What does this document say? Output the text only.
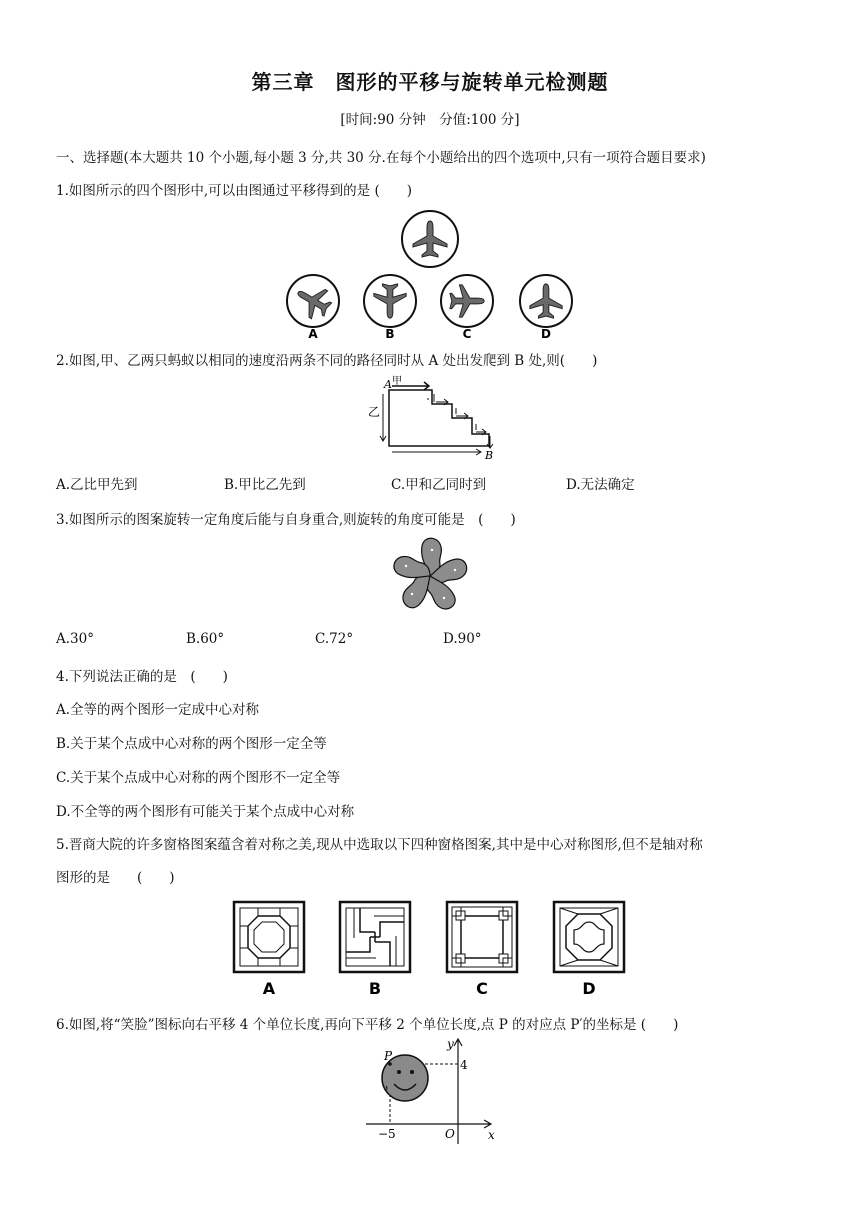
第三章　图形的平移与旋转单元检测题
[时间:90 分钟　分值:100 分]
一、选择题(本大题共 10 个小题,每小题 3 分,共 30 分.在每个小题给出的四个选项中,只有一项符合题目要求)
1.如图所示的四个图形中,可以由图通过平移得到的是 (　　)
A	B	C	D
2.如图,甲、乙两只蚂蚁以相同的速度沿两条不同的路径同时从 A 处出发爬到 B 处,则(　　)
A 甲
乙
B
A.乙比甲先到	B.甲比乙先到	C.甲和乙同时到	D.无法确定
3.如图所示的图案旋转一定角度后能与自身重合,则旋转的角度可能是　(　　)
A.30°	B.60°	C.72°	D.90°
4.下列说法正确的是　(　　)
A.全等的两个图形一定成中心对称
B.关于某个点成中心对称的两个图形一定全等
C.关于某个点成中心对称的两个图形不一定全等
D.不全等的两个图形有可能关于某个点成中心对称
5.晋商大院的许多窗格图案蕴含着对称之美,现从中选取以下四种窗格图案,其中是中心对称图形,但不是轴对称
图形的是　　(　　)
A	B	C	D
6.如图,将“笑脸”图标向右平移 4 个单位长度,再向下平移 2 个单位长度,点 P 的对应点 P′的坐标是 (　　)
P
y
x
O
4
−5
